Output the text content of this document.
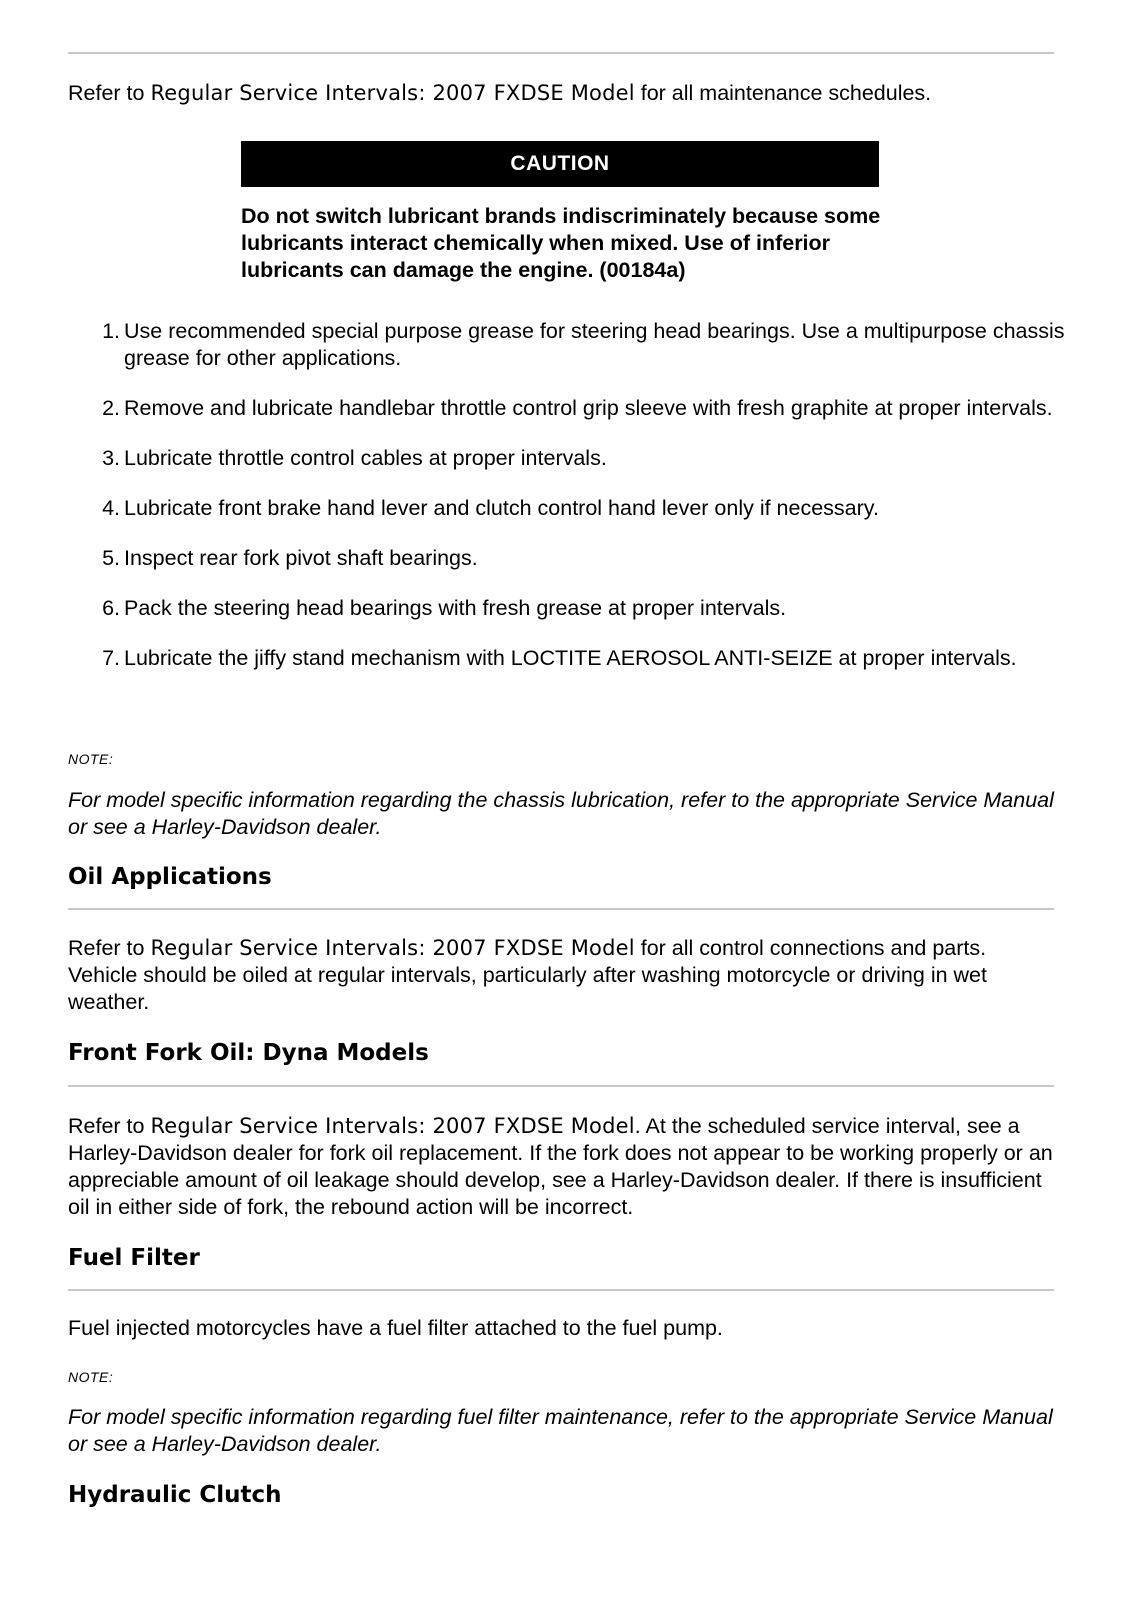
Refer to Regular Service Intervals: 2007 FXDSE Model for all maintenance schedules.

CAUTION

Do not switch lubricant brands indiscriminately because some lubricants interact chemically when mixed. Use of inferior lubricants can damage the engine. (00184a)

1. Use recommended special purpose grease for steering head bearings. Use a multipurpose chassis grease for other applications.
2. Remove and lubricate handlebar throttle control grip sleeve with fresh graphite at proper intervals.
3. Lubricate throttle control cables at proper intervals.
4. Lubricate front brake hand lever and clutch control hand lever only if necessary.
5. Inspect rear fork pivot shaft bearings.
6. Pack the steering head bearings with fresh grease at proper intervals.
7. Lubricate the jiffy stand mechanism with LOCTITE AEROSOL ANTI-SEIZE at proper intervals.

NOTE:

For model specific information regarding the chassis lubrication, refer to the appropriate Service Manual or see a Harley-Davidson dealer.

Oil Applications

Refer to Regular Service Intervals: 2007 FXDSE Model for all control connections and parts. Vehicle should be oiled at regular intervals, particularly after washing motorcycle or driving in wet weather.

Front Fork Oil: Dyna Models

Refer to Regular Service Intervals: 2007 FXDSE Model. At the scheduled service interval, see a Harley-Davidson dealer for fork oil replacement. If the fork does not appear to be working properly or an appreciable amount of oil leakage should develop, see a Harley-Davidson dealer. If there is insufficient oil in either side of fork, the rebound action will be incorrect.

Fuel Filter

Fuel injected motorcycles have a fuel filter attached to the fuel pump.

NOTE:

For model specific information regarding fuel filter maintenance, refer to the appropriate Service Manual or see a Harley-Davidson dealer.

Hydraulic Clutch
